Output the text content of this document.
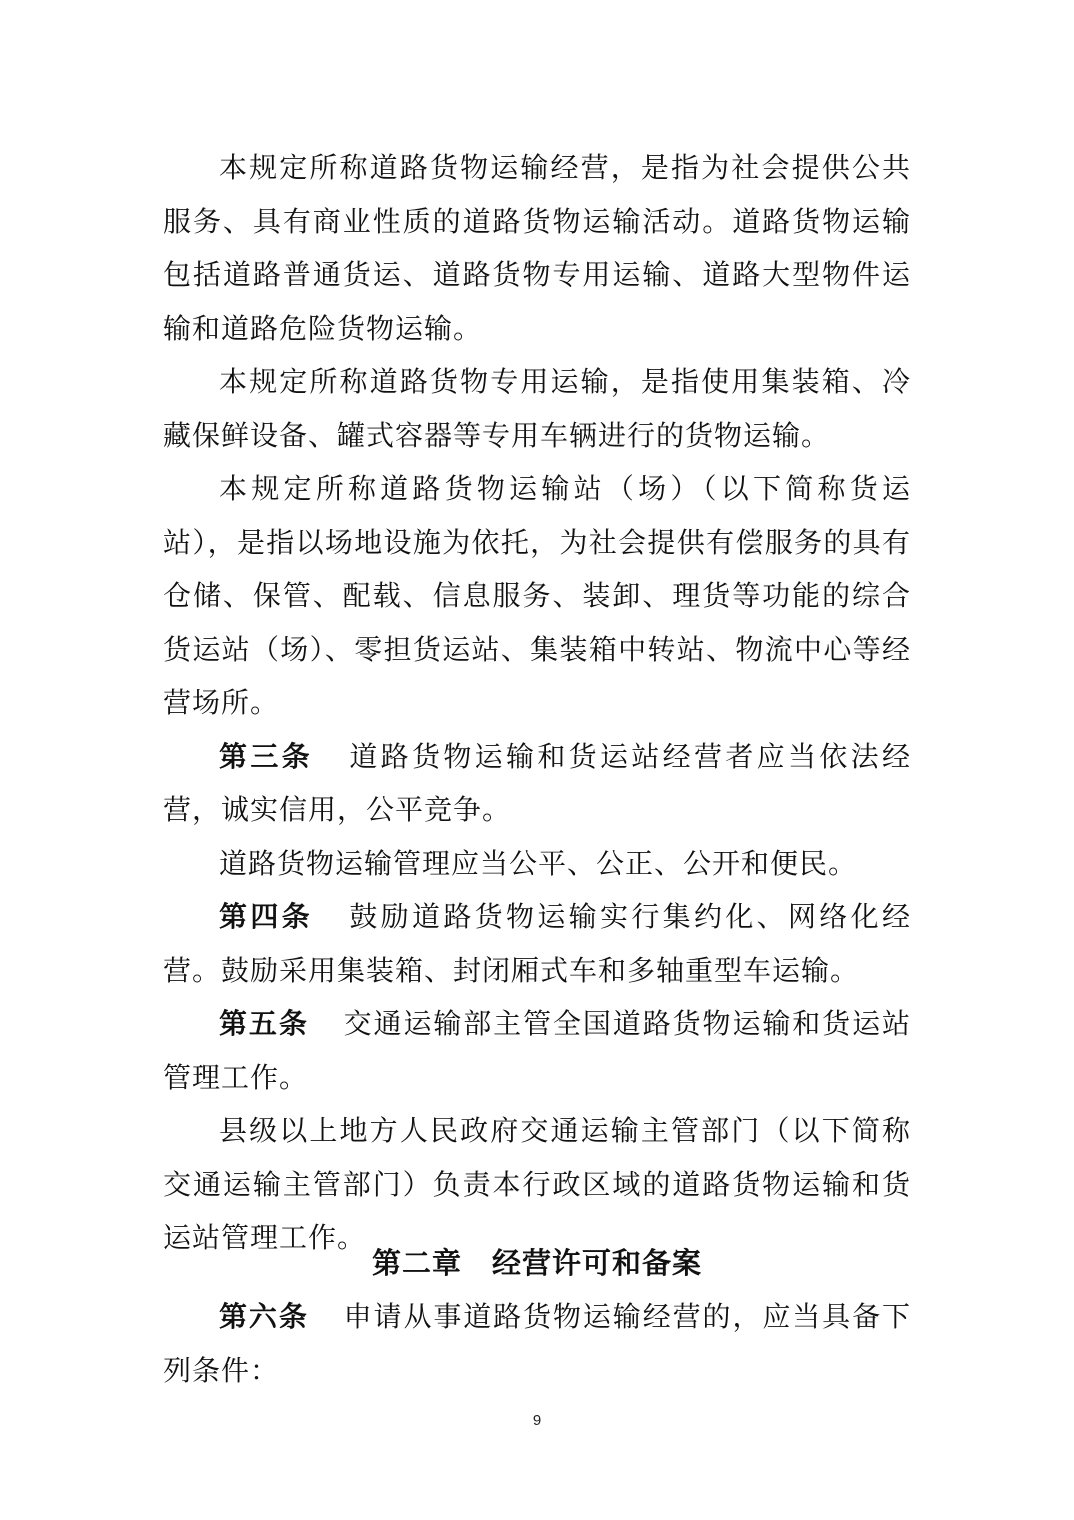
本规定所称道路货物运输经营，是指为社会提供公共服务、具有商业性质的道路货物运输活动。道路货物运输包括道路普通货运、道路货物专用运输、道路大型物件运输和道路危险货物运输。

本规定所称道路货物专用运输，是指使用集装箱、冷藏保鲜设备、罐式容器等专用车辆进行的货物运输。

本规定所称道路货物运输站（场）（以下简称货运站），是指以场地设施为依托，为社会提供有偿服务的具有仓储、保管、配载、信息服务、装卸、理货等功能的综合货运站（场）、零担货运站、集装箱中转站、物流中心等经营场所。

第三条 道路货物运输和货运站经营者应当依法经营，诚实信用，公平竞争。

道路货物运输管理应当公平、公正、公开和便民。

第四条 鼓励道路货物运输实行集约化、网络化经营。鼓励采用集装箱、封闭厢式车和多轴重型车运输。

第五条 交通运输部主管全国道路货物运输和货运站管理工作。

县级以上地方人民政府交通运输主管部门（以下简称交通运输主管部门）负责本行政区域的道路货物运输和货运站管理工作。

第二章 经营许可和备案

第六条 申请从事道路货物运输经营的，应当具备下列条件：

9
